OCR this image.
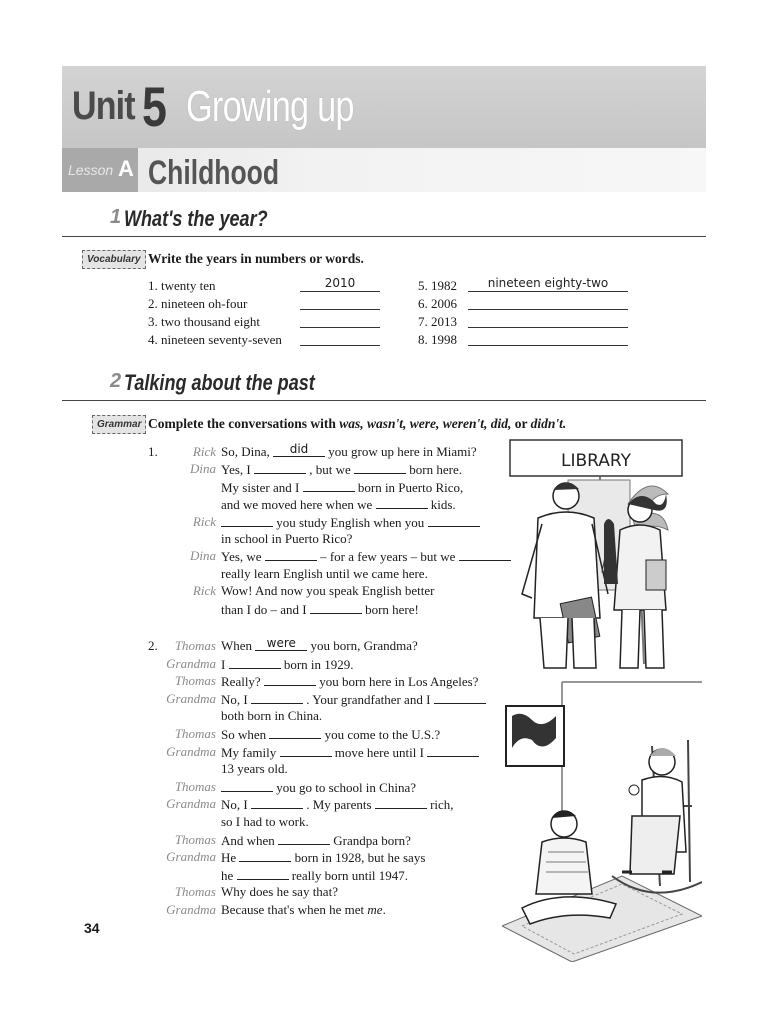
Unit 5 Growing up
Lesson A Childhood
1 What's the year?
Vocabulary Write the years in numbers or words.
1. twenty ten	2010
2. nineteen oh-four
3. two thousand eight
4. nineteen seventy-seven
5. 1982	nineteen eighty-two
6. 2006
7. 2013
8. 1998
2 Talking about the past
Grammar Complete the conversations with was, wasn't, were, weren't, did, or didn't.
1.	Rick So, Dina, did you grow up here in Miami?
Dina Yes, I	, but we	born here.
My sister and I	born in Puerto Rico,
and we moved here when we	kids.
Rick	you study English when you
in school in Puerto Rico?
Dina Yes, we	– for a few years – but we
really learn English until we came here.
Rick Wow! And now you speak English better
than I do – and I	born here!
2.	Thomas When were you born, Grandma?
Grandma I	born in 1929.
Thomas Really?	you born here in Los Angeles?
Grandma No, I	. Your grandfather and I
both born in China.
Thomas So when	you come to the U.S.?
Grandma My family	move here until I
13 years old.
Thomas	you go to school in China?
Grandma No, I	. My parents	rich,
so I had to work.
Thomas And when	Grandpa born?
Grandma He	born in 1928, but he says
he	really born until 1947.
Thomas Why does he say that?
Grandma Because that's when he met me.
LIBRARY
34
